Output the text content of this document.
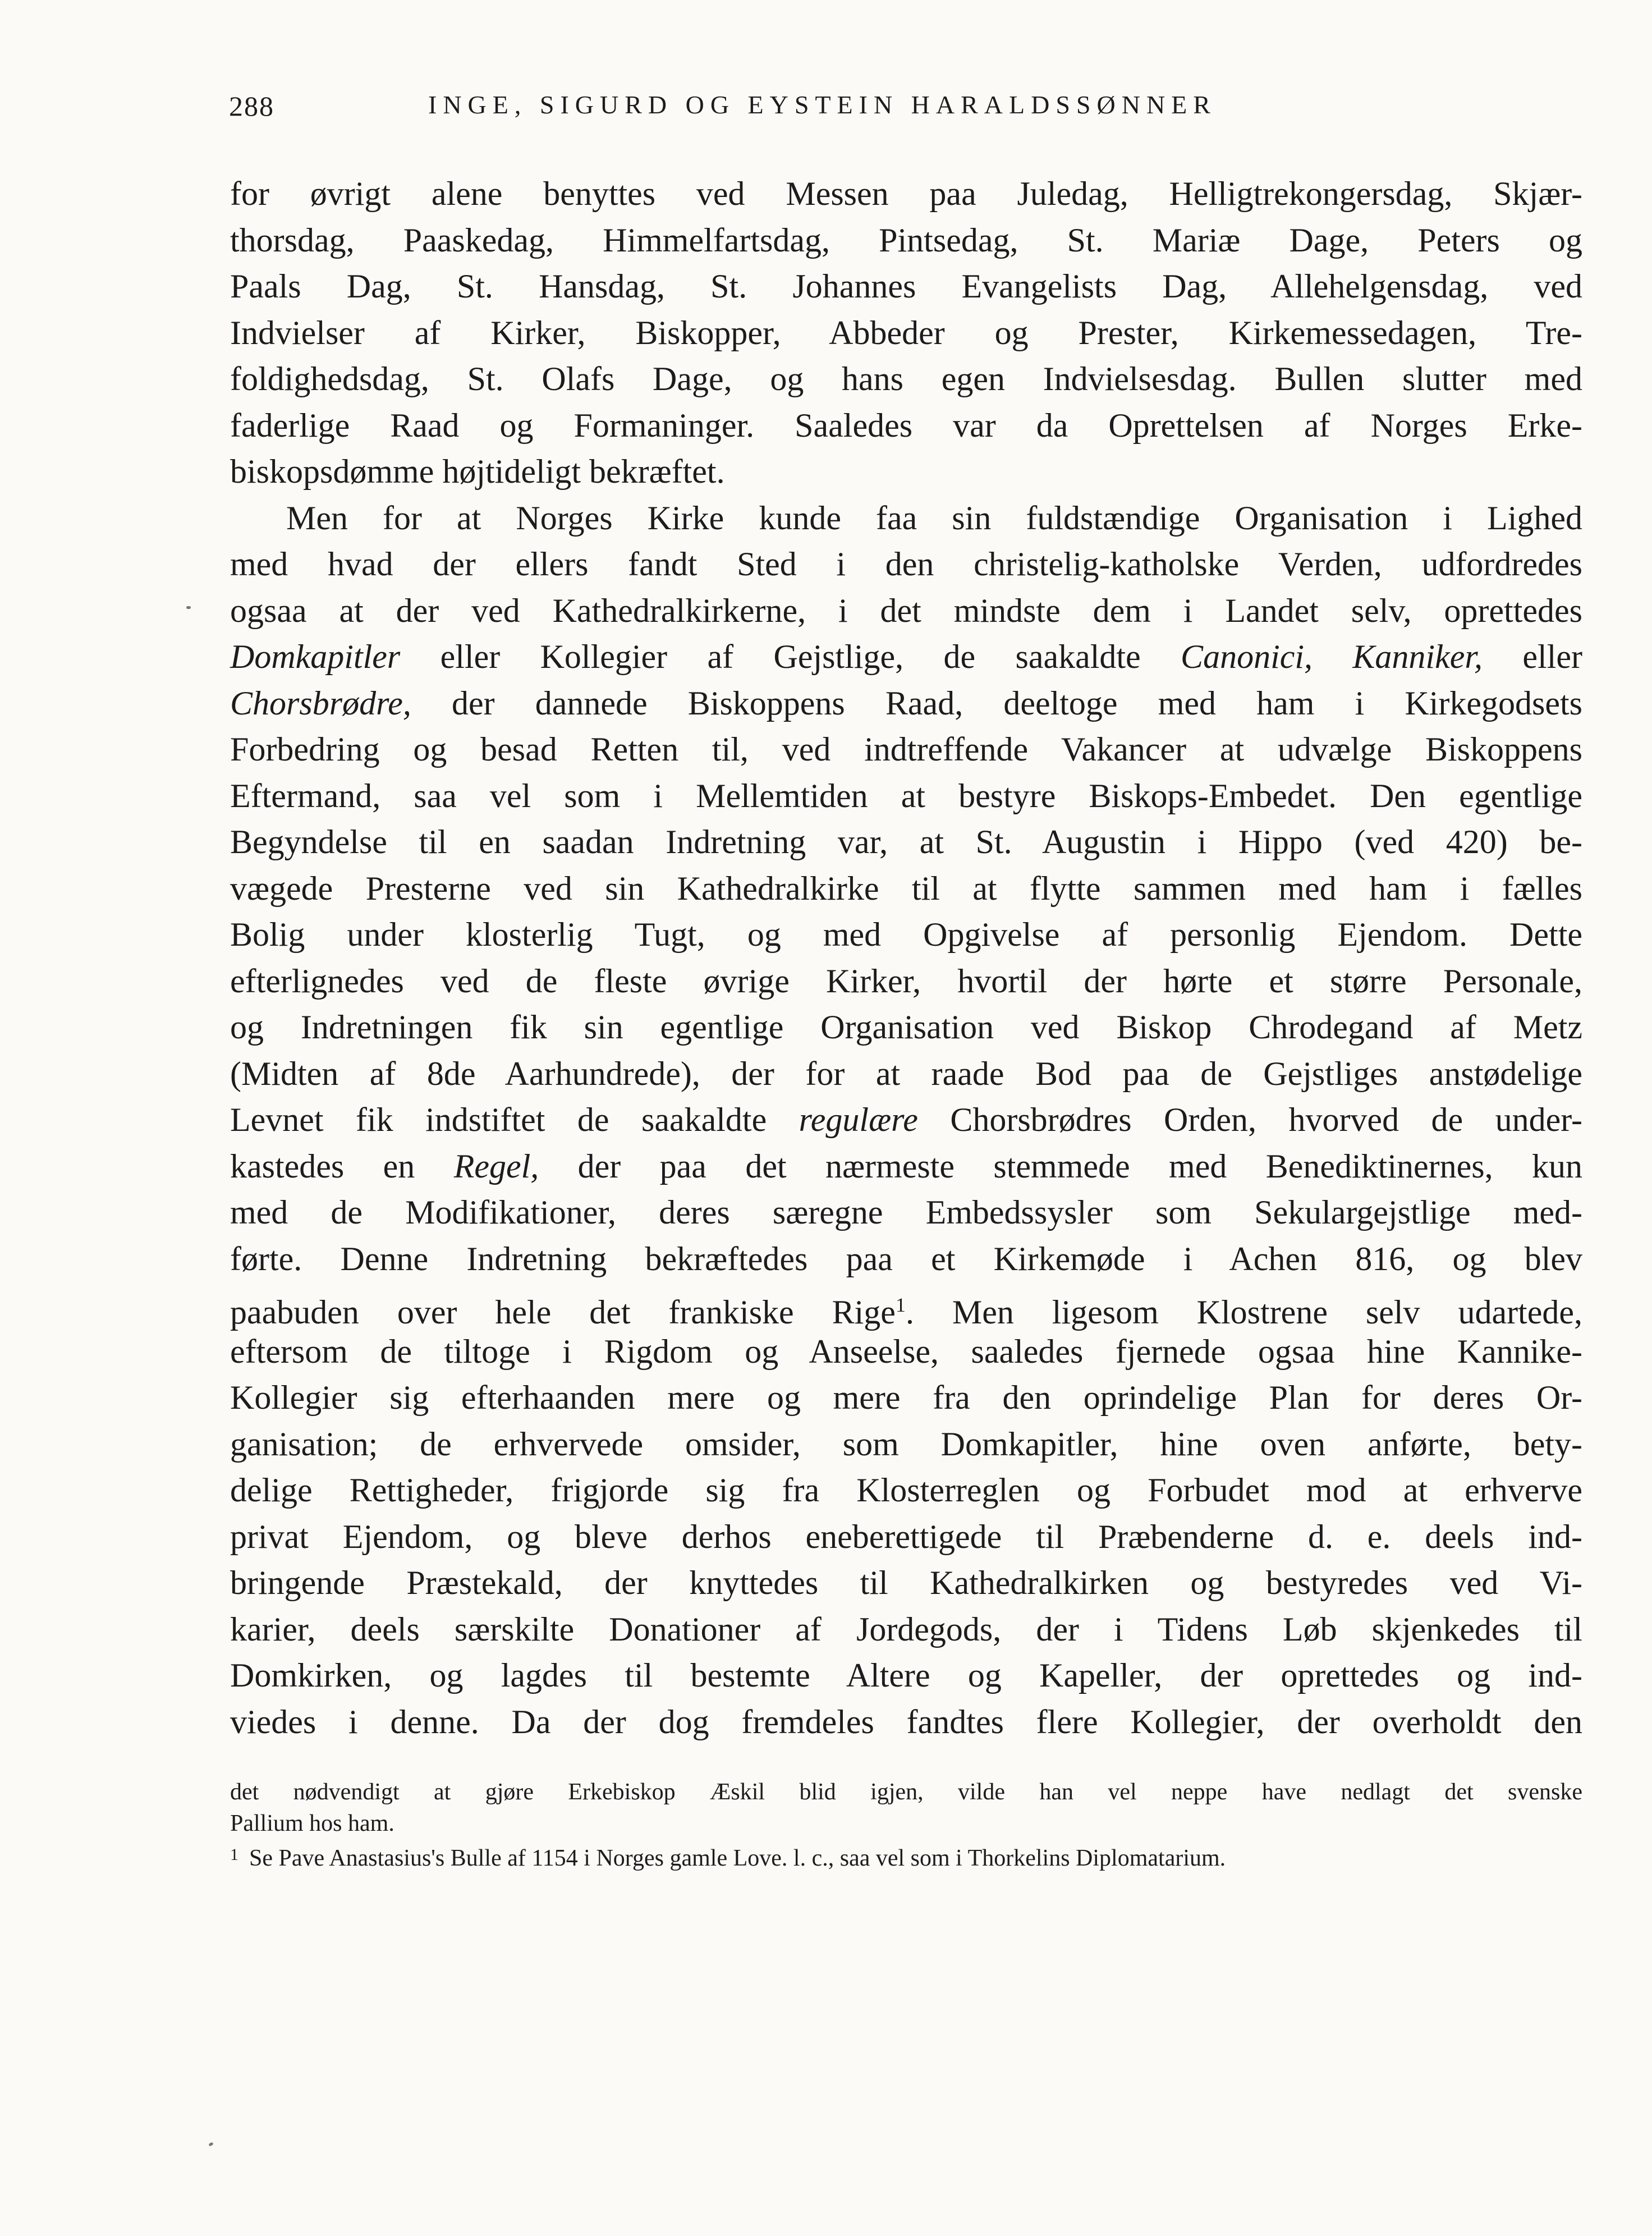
288	INGE, SIGURD OG EYSTEIN HARALDSSØNNER
for øvrigt alene benyttes ved Messen paa Juledag, Helligtrekongersdag, Skjær-
thorsdag, Paaskedag, Himmelfartsdag, Pintsedag, St. Mariæ Dage, Peters og
Paals Dag, St. Hansdag, St. Johannes Evangelists Dag, Allehelgensdag, ved
Indvielser af Kirker, Biskopper, Abbeder og Prester, Kirkemessedagen, Tre-
foldighedsdag, St. Olafs Dage, og hans egen Indvielsesdag. Bullen slutter med
faderlige Raad og Formaninger. Saaledes var da Oprettelsen af Norges Erke-
biskopsdømme højtideligt bekræftet.
Men for at Norges Kirke kunde faa sin fuldstændige Organisation i Lighed
med hvad der ellers fandt Sted i den christelig-katholske Verden, udfordredes
ogsaa at der ved Kathedralkirkerne, i det mindste dem i Landet selv, oprettedes
Domkapitler eller Kollegier af Gejstlige, de saakaldte Canonici, Kanniker, eller
Chorsbrødre, der dannede Biskoppens Raad, deeltoge med ham i Kirkegodsets
Forbedring og besad Retten til, ved indtreffende Vakancer at udvælge Biskoppens
Eftermand, saa vel som i Mellemtiden at bestyre Biskops-Embedet. Den egentlige
Begyndelse til en saadan Indretning var, at St. Augustin i Hippo (ved 420) be-
vægede Presterne ved sin Kathedralkirke til at flytte sammen med ham i fælles
Bolig under klosterlig Tugt, og med Opgivelse af personlig Ejendom. Dette
efterlignedes ved de fleste øvrige Kirker, hvortil der hørte et større Personale,
og Indretningen fik sin egentlige Organisation ved Biskop Chrodegand af Metz
(Midten af 8de Aarhundrede), der for at raade Bod paa de Gejstliges anstødelige
Levnet fik indstiftet de saakaldte regulære Chorsbrødres Orden, hvorved de under-
kastedes en Regel, der paa det nærmeste stemmede med Benediktinernes, kun
med de Modifikationer, deres særegne Embedssysler som Sekulargejstlige med-
førte. Denne Indretning bekræftedes paa et Kirkemøde i Achen 816, og blev
paabuden over hele det frankiske Rige$^1$. Men ligesom Klostrene selv udartede,
eftersom de tiltoge i Rigdom og Anseelse, saaledes fjernede ogsaa hine Kannike-
Kollegier sig efterhaanden mere og mere fra den oprindelige Plan for deres Or-
ganisation; de erhvervede omsider, som Domkapitler, hine oven anførte, bety-
delige Rettigheder, frigjorde sig fra Klosterreglen og Forbudet mod at erhverve
privat Ejendom, og bleve derhos eneberettigede til Præbenderne d. e. deels ind-
bringende Præstekald, der knyttedes til Kathedralkirken og bestyredes ved Vi-
karier, deels særskilte Donationer af Jordegods, der i Tidens Løb skjenkedes til
Domkirken, og lagdes til bestemte Altere og Kapeller, der oprettedes og ind-
viedes i denne. Da der dog fremdeles fandtes flere Kollegier, der overholdt den
det nødvendigt at gjøre Erkebiskop Æskil blid igjen, vilde han vel neppe have nedlagt det svenske
Pallium hos ham.
1 Se Pave Anastasius's Bulle af 1154 i Norges gamle Love. l. c., saa vel som i Thorkelins Diplomatarium.
